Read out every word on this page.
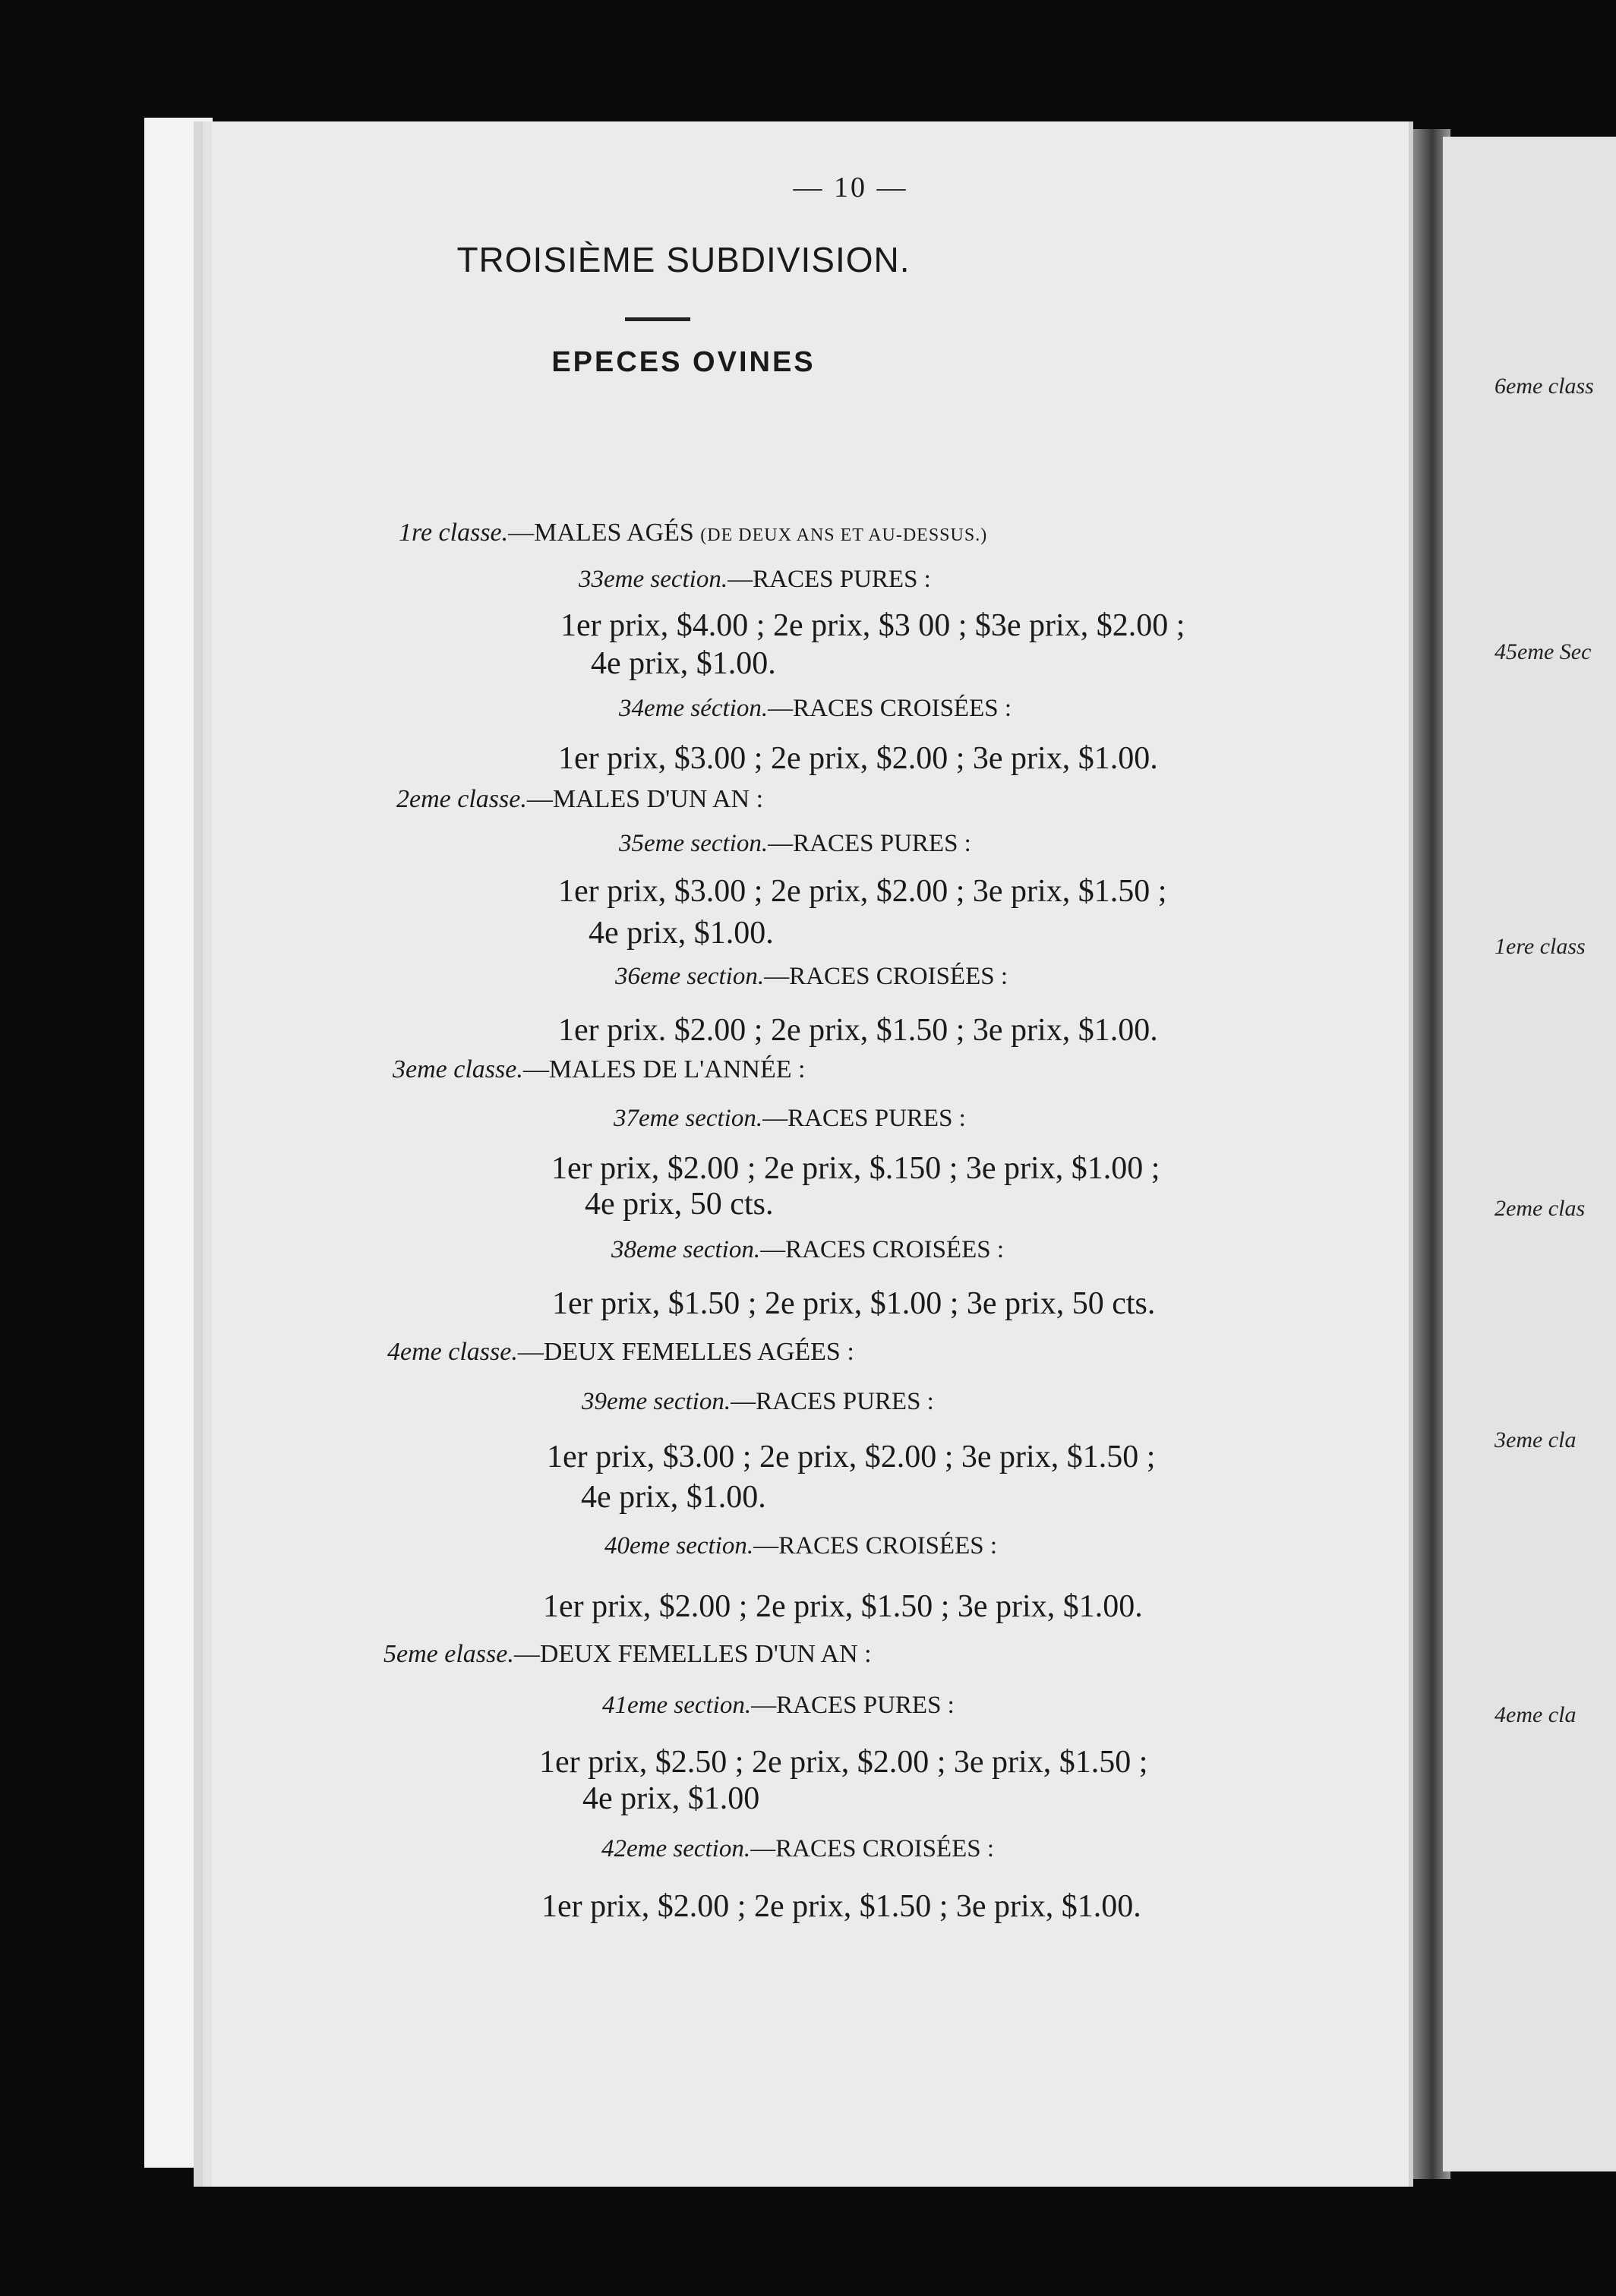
6eme class
45eme Sec
1ere class
2eme clas
3eme cla
4eme cla
— 10 —
TROISIÈME SUBDIVISION.
EPECES OVINES
1re classe.—MALES AGÉS (DE DEUX ANS ET AU-DESSUS.)
33eme section.—RACES PURES :
1er prix, $4.00 ; 2e prix, $3 00 ; $3e prix, $2.00 ;
4e prix, $1.00.
34eme séction.—RACES CROISÉES :
1er prix, $3.00 ; 2e prix, $2.00 ; 3e prix, $1.00.
2eme classe.—MALES D'UN AN :
35eme section.—RACES PURES :
1er prix, $3.00 ; 2e prix, $2.00 ; 3e prix, $1.50 ;
4e prix, $1.00.
36eme section.—RACES CROISÉES :
1er prix. $2.00 ; 2e prix, $1.50 ; 3e prix, $1.00.
3eme classe.—MALES DE L'ANNÉE :
37eme section.—RACES PURES :
1er prix, $2.00 ; 2e prix, $.150 ; 3e prix, $1.00 ;
4e prix, 50 cts.
38eme section.—RACES CROISÉES :
1er prix, $1.50 ; 2e prix, $1.00 ; 3e prix, 50 cts.
4eme classe.—DEUX FEMELLES AGÉES :
39eme section.—RACES PURES :
1er prix, $3.00 ; 2e prix, $2.00 ; 3e prix, $1.50 ;
4e prix, $1.00.
40eme section.—RACES CROISÉES :
1er prix, $2.00 ; 2e prix, $1.50 ; 3e prix, $1.00.
5eme elasse.—DEUX FEMELLES D'UN AN :
41eme section.—RACES PURES :
1er prix, $2.50 ; 2e prix, $2.00 ; 3e prix, $1.50 ;
4e prix, $1.00
42eme section.—RACES CROISÉES :
1er prix, $2.00 ; 2e prix, $1.50 ; 3e prix, $1.00.
